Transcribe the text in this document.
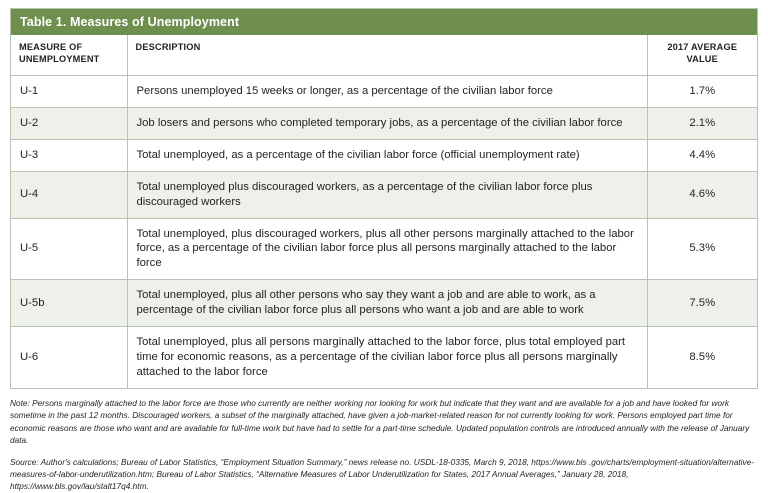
Table 1. Measures of Unemployment
MEASURE OF UNEMPLOYMENT	DESCRIPTION	2017 AVERAGE VALUE
U-1	Persons unemployed 15 weeks or longer, as a percentage of the civilian labor force	1.7%
U-2	Job losers and persons who completed temporary jobs, as a percentage of the civilian labor force	2.1%
U-3	Total unemployed, as a percentage of the civilian labor force (official unemployment rate)	4.4%
U-4	Total unemployed plus discouraged workers, as a percentage of the civilian labor force plus discouraged workers	4.6%
U-5	Total unemployed, plus discouraged workers, plus all other persons marginally attached to the labor force, as a percentage of the civilian labor force plus all persons marginally attached to the labor force	5.3%
U-5b	Total unemployed, plus all other persons who say they want a job and are able to work, as a percentage of the civilian labor force plus all persons who want a job and are able to work	7.5%
U-6	Total unemployed, plus all persons marginally attached to the labor force, plus total employed part time for economic reasons, as a percentage of the civilian labor force plus all persons marginally attached to the labor force	8.5%
Note: Persons marginally attached to the labor force are those who currently are neither working nor looking for work but indicate that they want and are available for a job and have looked for work sometime in the past 12 months. Discouraged workers, a subset of the marginally attached, have given a job-market-related reason for not currently looking for work. Persons employed part time for economic reasons are those who want and are available for full-time work but have had to settle for a part-time schedule. Updated population controls are introduced annually with the release of January data.
Source: Author's calculations; Bureau of Labor Statistics, “Employment Situation Summary,” news release no. USDL-18-0335, March 9, 2018, https://www.bls .gov/charts/employment-situation/alternative-measures-of-labor-underutilization.htm; Bureau of Labor Statistics, “Alternative Measures of Labor Underutilization for States, 2017 Annual Averages,” January 28, 2018, https://www.bls.gov/lau/stalt17q4.htm.
